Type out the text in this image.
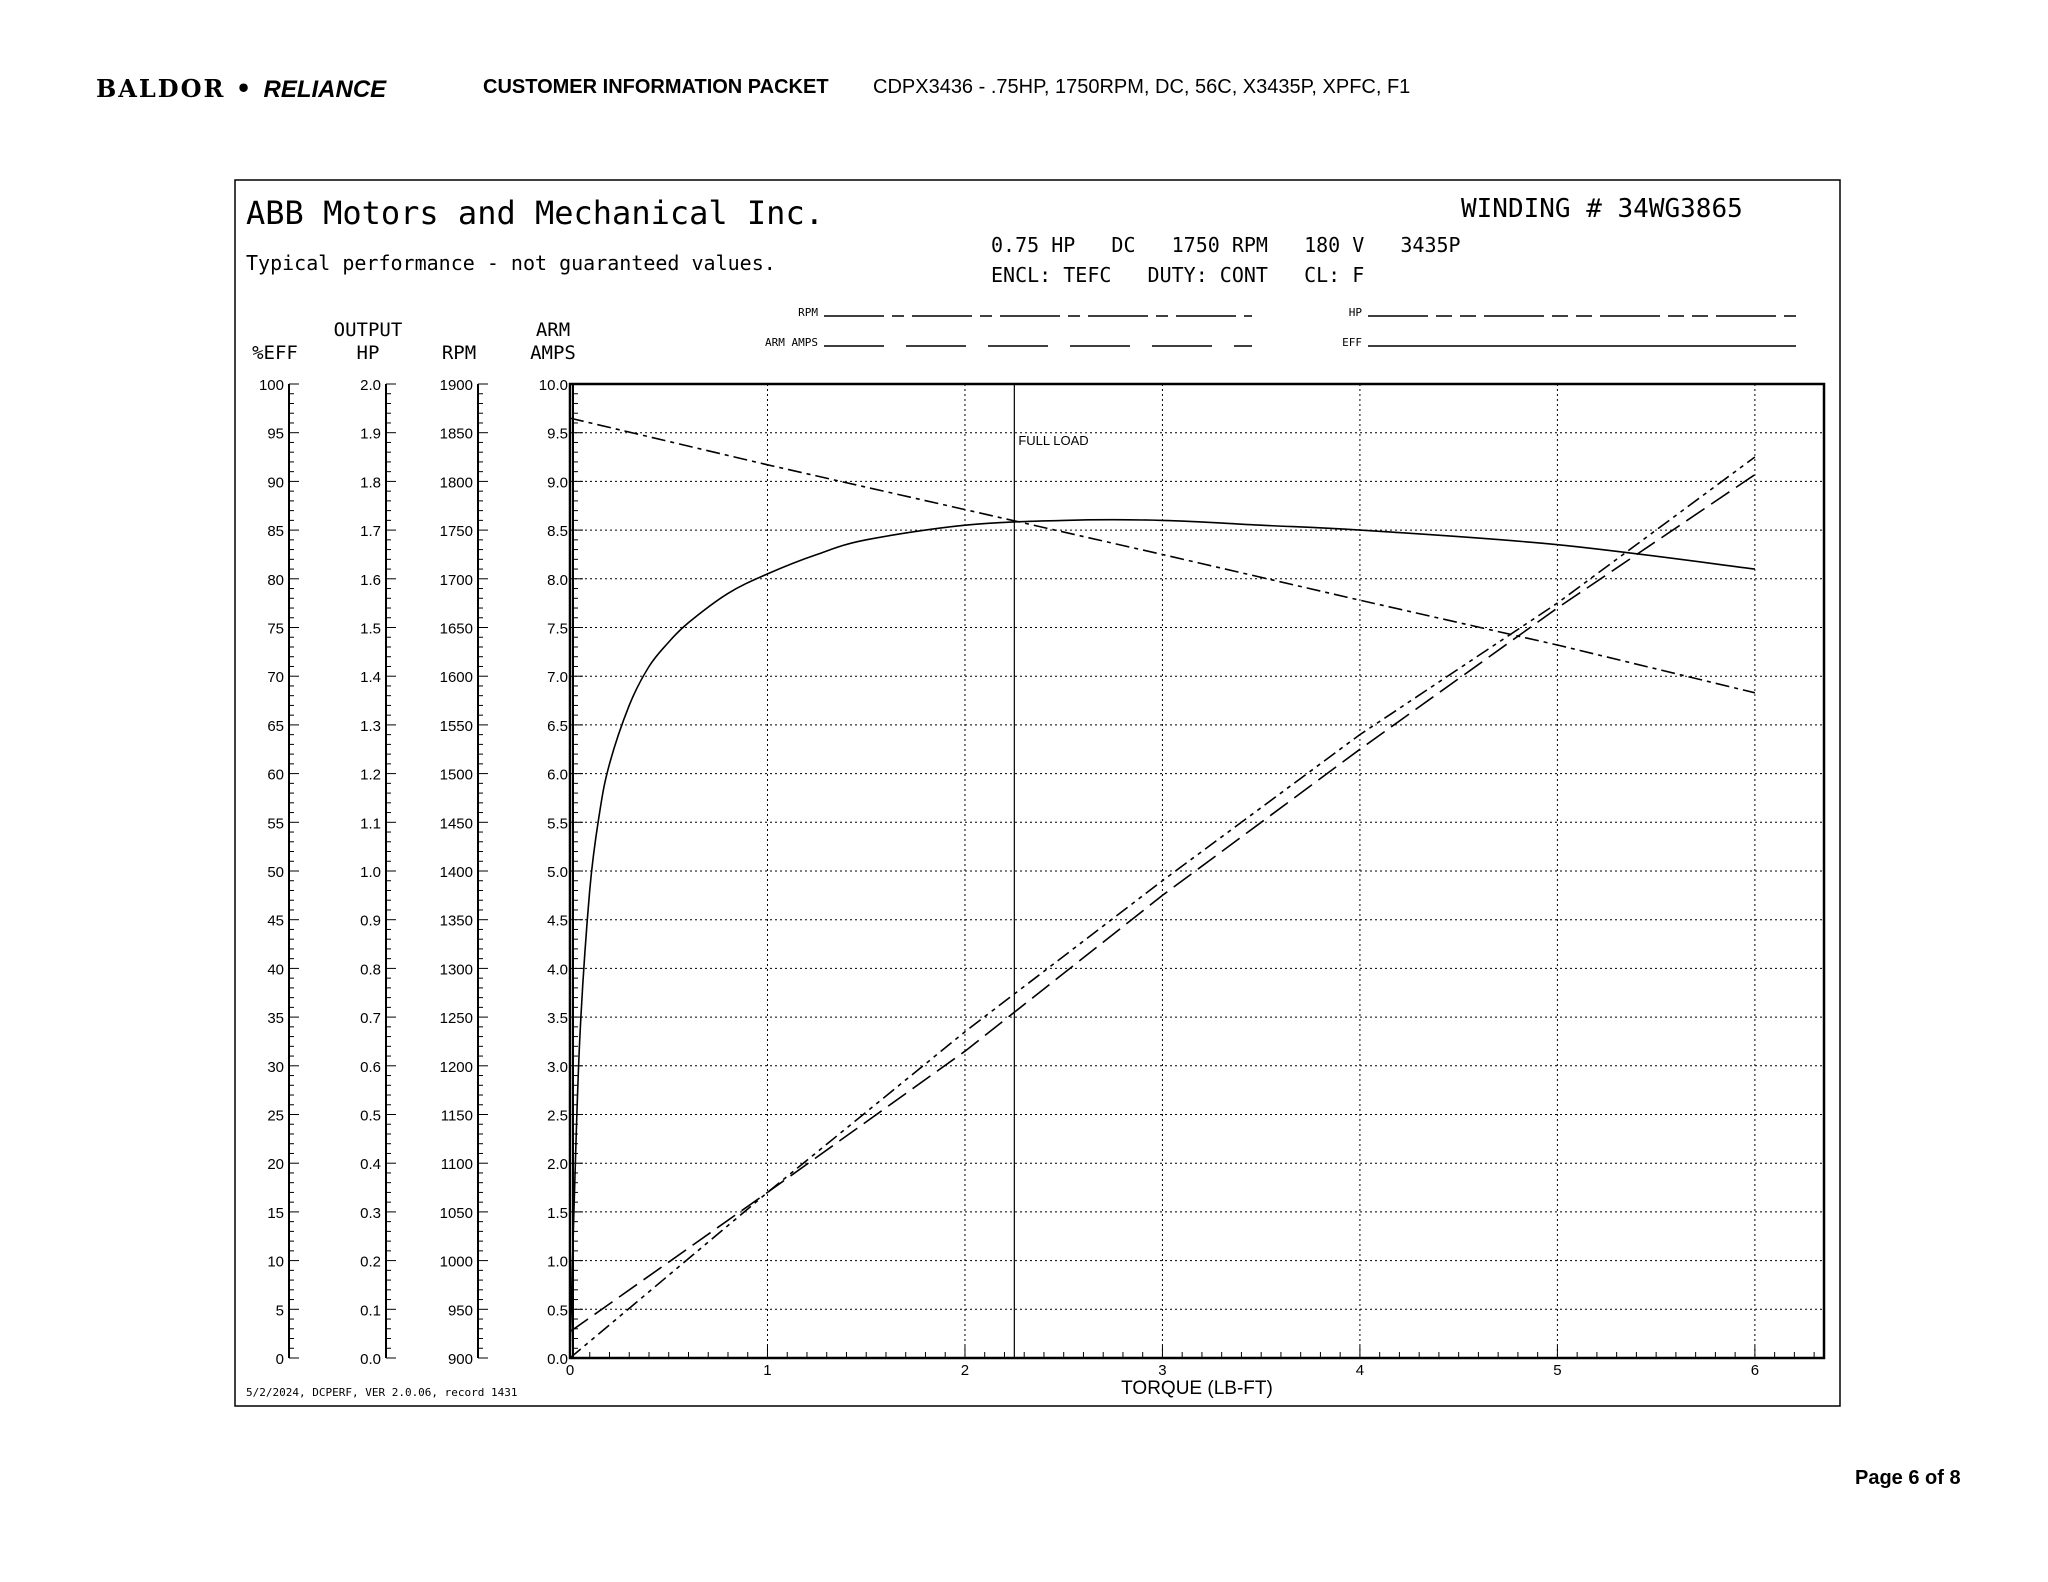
BALDOR • RELIANCE	CUSTOMER INFORMATION PACKET CDPX3436 - .75HP, 1750RPM, DC, 56C, X3435P, XPFC, F1
ABB Motors and Mechanical Inc.
Typical performance - not guaranteed values.
WINDING # 34WG3865
0.75 HP   DC   1750 RPM   180 V   3435P
ENCL: TEFC   DUTY: CONT   CL: F
RPM
ARM AMPS
HP
EFF
%EFF
100
95
90
85
80
75
70
65
60
55
50
45
40
35
30
25
20
15
10
5
0
OUTPUT
HP
2.0
1.9
1.8
1.7
1.6
1.5
1.4
1.3
1.2
1.1
1.0
0.9
0.8
0.7
0.6
0.5
0.4
0.3
0.2
0.1
0.0
RPM
1900
1850
1800
1750
1700
1650
1600
1550
1500
1450
1400
1350
1300
1250
1200
1150
1100
1050
1000
950
900
ARM
AMPS
10.0
9.5
9.0
8.5
8.0
7.5
7.0
6.5
6.0
5.5
5.0
4.5
4.0
3.5
3.0
2.5
2.0
1.5
1.0
0.5
0.0
0	1	2	3	4	5	6
FULL LOAD
TORQUE (LB-FT)
5/2/2024, DCPERF, VER 2.0.06, record 1431
Page 6 of 8
